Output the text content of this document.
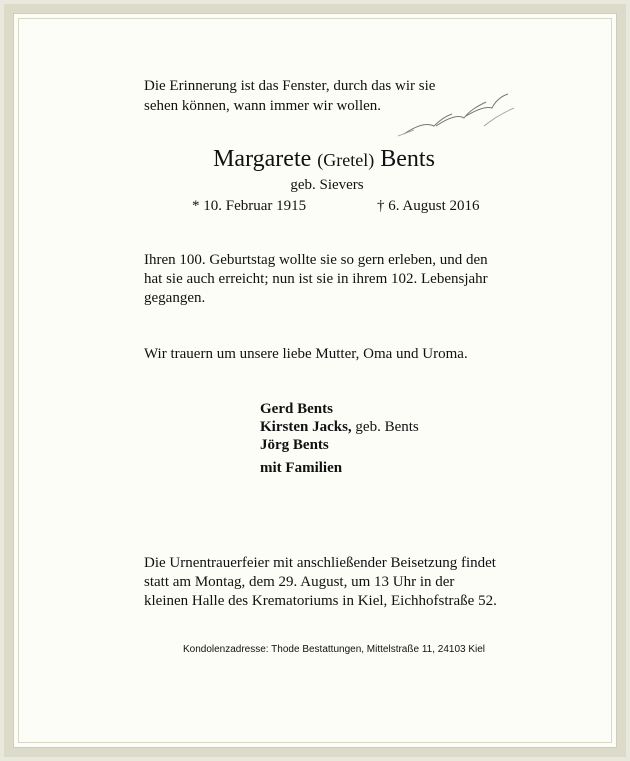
Die Erinnerung ist das Fenster, durch das wir sie
sehen können, wann immer wir wollen.
Margarete (Gretel) Bents
geb. Sievers
* 10. Februar 1915	† 6. August 2016
Ihren 100. Geburtstag wollte sie so gern erleben, und den
hat sie auch erreicht; nun ist sie in ihrem 102. Lebensjahr
gegangen.
Wir trauern um unsere liebe Mutter, Oma und Uroma.
Gerd Bents
Kirsten Jacks, geb. Bents
Jörg Bents
mit Familien
Die Urnentrauerfeier mit anschließender Beisetzung findet
statt am Montag, dem 29. August, um 13 Uhr in der
kleinen Halle des Krematoriums in Kiel, Eichhofstraße 52.
Kondolenzadresse: Thode Bestattungen, Mittelstraße 11, 24103 Kiel
